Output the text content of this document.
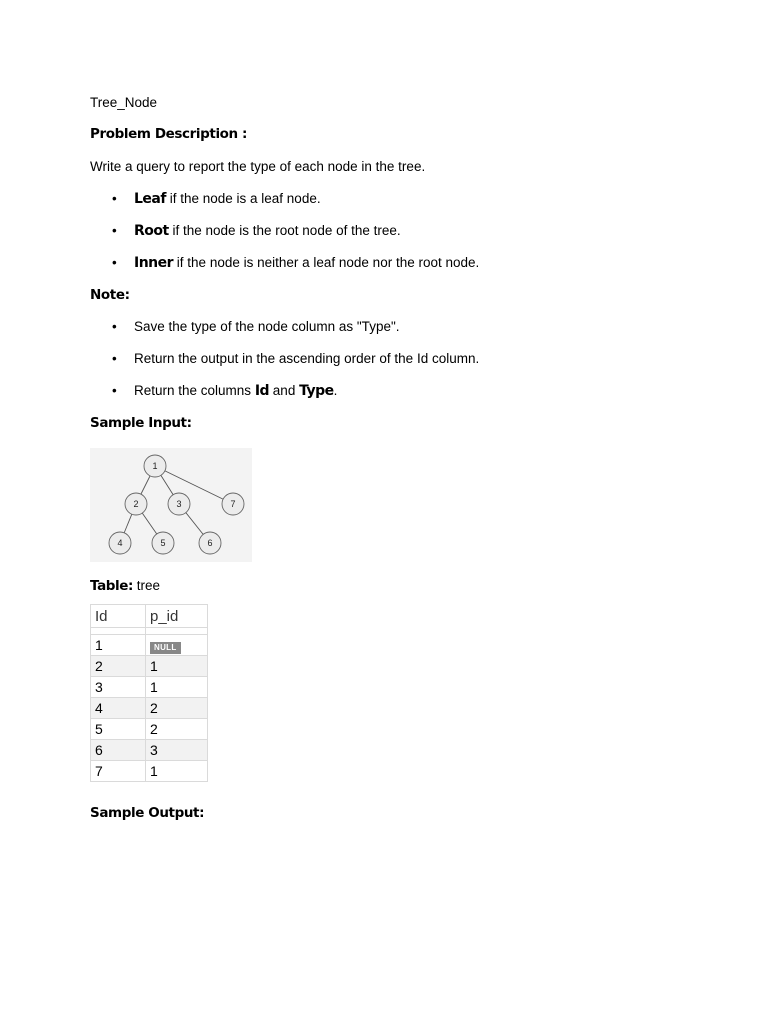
Tree_Node
Problem Description :
Write a query to report the type of each node in the tree.
• Leaf if the node is a leaf node.
• Root if the node is the root node of the tree.
• Inner if the node is neither a leaf node nor the root node.
Note:
• Save the type of the node column as "Type".
• Return the output in the ascending order of the Id column.
• Return the columns Id and Type.
Sample Input:
1
2	3	7
4	5	6
Table: tree
Id	p_id

1	NULL
2	1
3	1
4	2
5	2
6	3
7	1
Sample Output:
